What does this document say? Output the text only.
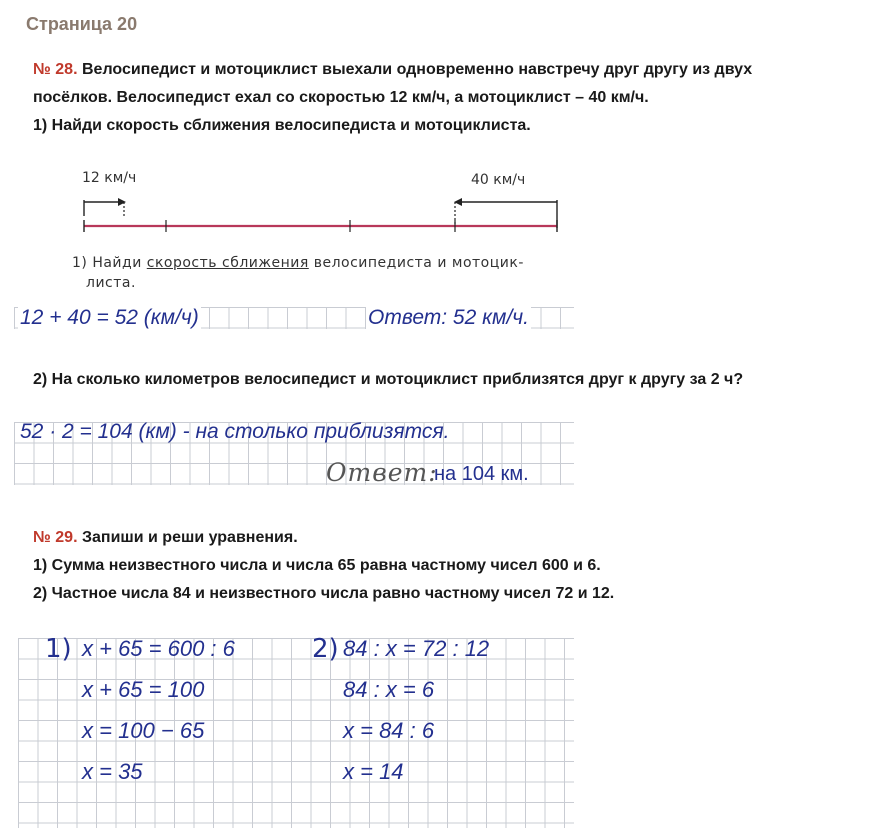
Страница 20
№ 28. Велосипедист и мотоциклист выехали одновременно навстречу друг другу из двух
посёлков. Велосипедист ехал со скоростью 12 км/ч, а мотоциклист – 40 км/ч.
1) Найди скорость сближения велосипедиста и мотоциклиста.
12 км/ч	40 км/ч
1) Найди скорость сближения велосипедиста и мотоцик-
листа.
12 + 40 = 52 (км/ч)	Ответ: 52 км/ч.
2) На сколько километров велосипедист и мотоциклист приблизятся друг к другу за 2 ч?
52 · 2 = 104 (км) - на столько приблизятся.
Ответ:
на 104 км.
№ 29. Запиши и реши уравнения.
1) Сумма неизвестного числа и числа 65 равна частному чисел 600 и 6.
2) Частное числа 84 и неизвестного числа равно частному чисел 72 и 12.
1) x + 65 = 600 : 6
x + 65 = 100
x = 100 − 65
x = 35
2) 84 : x = 72 : 12
84 : x = 6
x = 84 : 6
x = 14
